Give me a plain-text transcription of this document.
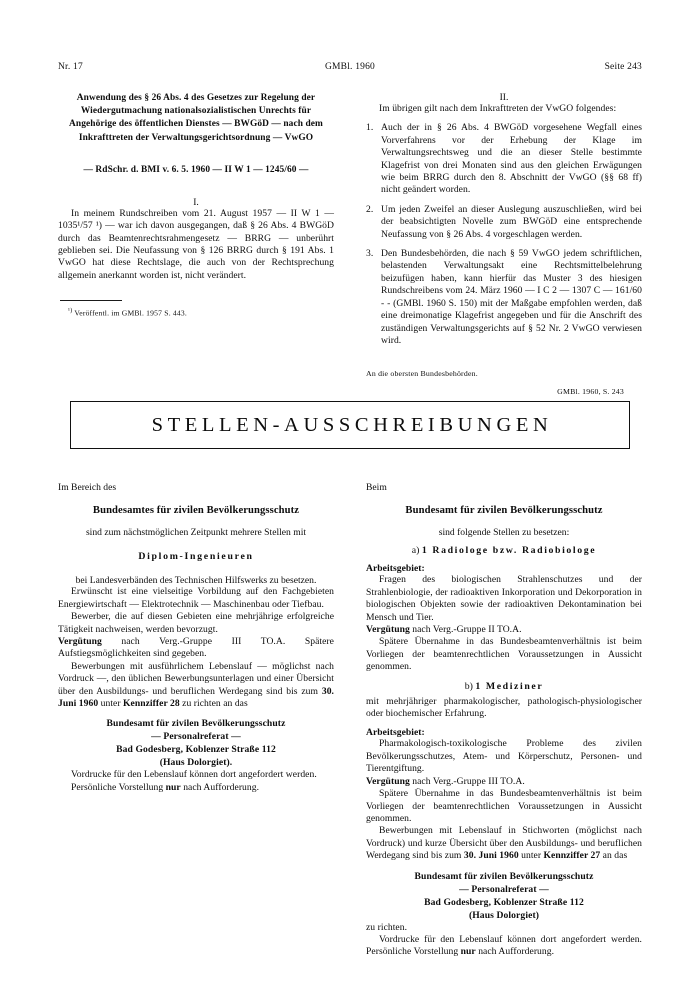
Nr. 17	GMBl. 1960	Seite 243
Anwendung des § 26 Abs. 4 des Gesetzes zur Regelung der Wiedergutmachung nationalsozialistischen Unrechts für Angehörige des öffentlichen Dienstes — BWGöD — nach dem Inkrafttreten der Verwaltungsgerichtsordnung — VwGO
— RdSchr. d. BMI v. 6. 5. 1960 — II W 1 — 1245/60 —
I.

In meinem Rundschreiben vom 21. August 1957 — II W 1 — 1035¹/57 ¹) — war ich davon ausgegangen, daß § 26 Abs. 4 BWGöD durch das Beamtenrechtsrahmengesetz — BRRG — unberührt geblieben sei. Die Neufassung von § 126 BRRG durch § 191 Abs. 1 VwGO hat diese Rechtslage, die auch von der Rechtsprechung allgemein anerkannt worden ist, nicht verändert.

$^{^1)}$ Veröffentl. im GMBl. 1957 S. 443.
II.

Im übrigen gilt nach dem Inkrafttreten der VwGO folgendes:

Auch der in § 26 Abs. 4 BWGöD vorgesehene Wegfall eines Vorverfahrens vor der Erhebung der Klage im Verwaltungsrechtsweg und die an dieser Stelle bestimmte Klagefrist von drei Monaten sind aus den gleichen Erwägungen wie beim BRRG durch den 8. Abschnitt der VwGO (§§ 68 ff) nicht geändert worden.
Um jeden Zweifel an dieser Auslegung auszuschließen, wird bei der beabsichtigten Novelle zum BWGöD eine entsprechende Neufassung von § 26 Abs. 4 vorgeschlagen werden.
Den Bundesbehörden, die nach § 59 VwGO jedem schriftlichen, belastenden Verwaltungsakt eine Rechtsmittelbelehrung beizufügen haben, kann hierfür das Muster 3 des hiesigen Rundschreibens vom 24. März 1960 — I C 2 — 1307 C — 161/60 - - (GMBl. 1960 S. 150) mit der Maßgabe empfohlen werden, daß eine dreimonatige Klagefrist angegeben und für die Anschrift des zuständigen Verwaltungsgerichts auf § 52 Nr. 2 VwGO verwiesen wird.
An die obersten Bundesbehörden.
GMBl. 1960, S. 243
STELLEN-AUSSCHREIBUNGEN

Im Bereich des

Bundesamtes für zivilen Bevölkerungsschutz

sind zum nächstmöglichen Zeitpunkt mehrere Stellen mit

Diplom-Ingenieuren

bei Landesverbänden des Technischen Hilfswerks zu besetzen.

Erwünscht ist eine vielseitige Vorbildung auf den Fachgebieten Energiewirtschaft — Elektrotechnik — Maschinenbau oder Tiefbau.

Bewerber, die auf diesen Gebieten eine mehrjährige erfolgreiche Tätigkeit nachweisen, werden bevorzugt.

Vergütung nach Verg.-Gruppe III TO.A. Spätere Aufstiegsmöglichkeiten sind gegeben.

Bewerbungen mit ausführlichem Lebenslauf — möglichst nach Vordruck —, den üblichen Bewerbungsunterlagen und einer Übersicht über den Ausbildungs- und beruflichen Werdegang sind bis zum 30. Juni 1960 unter Kennziffer 28 zu richten an das

Bundesamt für zivilen Bevölkerungsschutz
— Personalreferat —
Bad Godesberg, Koblenzer Straße 112
(Haus Dolorgiet).

Vordrucke für den Lebenslauf können dort angefordert werden.

Persönliche Vorstellung nur nach Aufforderung.

Beim

Bundesamt für zivilen Bevölkerungsschutz

sind folgende Stellen zu besetzen:

a) 1 Radiologe bzw. Radiobiologe
Arbeitsgebiet:

Fragen des biologischen Strahlenschutzes und der Strahlenbiologie, der radioaktiven Inkorporation und Dekorporation in biologischen Objekten sowie der radioaktiven Dekontamination bei Mensch und Tier.

Vergütung nach Verg.-Gruppe II TO.A.

Spätere Übernahme in das Bundesbeamtenverhältnis ist beim Vorliegen der beamtenrechtlichen Voraussetzungen in Aussicht genommen.

b) 1 Mediziner

mit mehrjähriger pharmakologischer, pathologisch-physiologischer oder biochemischer Erfahrung.

Arbeitsgebiet:

Pharmakologisch-toxikologische Probleme des zivilen Bevölkerungsschutzes, Atem- und Körperschutz, Personen- und Tierentgiftung.

Vergütung nach Verg.-Gruppe III TO.A.

Spätere Übernahme in das Bundesbeamtenverhältnis ist beim Vorliegen der beamtenrechtlichen Voraussetzungen in Aussicht genommen.

Bewerbungen mit Lebenslauf in Stichworten (möglichst nach Vordruck) und kurze Übersicht über den Ausbildungs- und beruflichen Werdegang sind bis zum 30. Juni 1960 unter Kennziffer 27 an das

Bundesamt für zivilen Bevölkerungsschutz
— Personalreferat —
Bad Godesberg, Koblenzer Straße 112
(Haus Dolorgiet)

zu richten.

Vordrucke für den Lebenslauf können dort angefordert werden. Persönliche Vorstellung nur nach Aufforderung.
